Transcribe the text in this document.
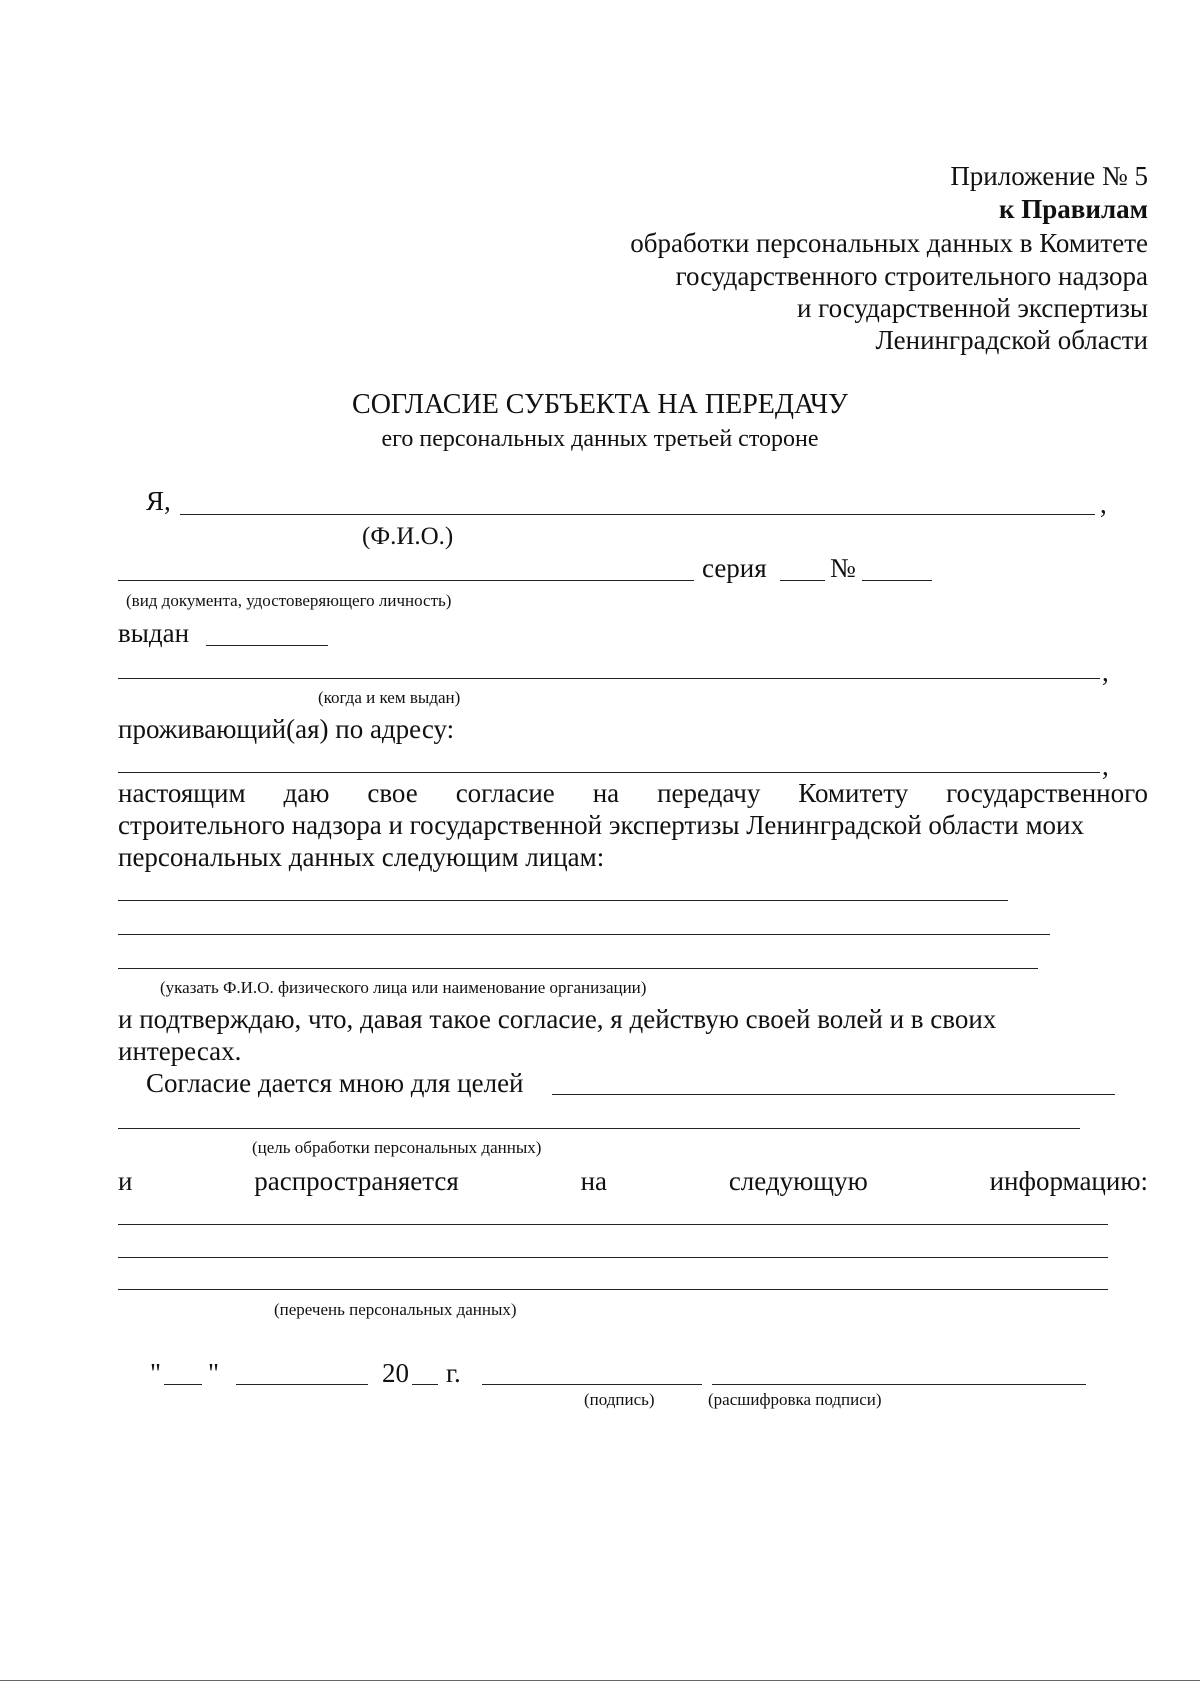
Приложение № 5
к Правилам
обработки персональных данных в Комитете
государственного строительного надзора
и государственной экспертизы
Ленинградской области
СОГЛАСИЕ СУБЪЕКТА НА ПЕРЕДАЧУ
его персональных данных третьей стороне
Я,	,
(Ф.И.О.)
серия №
(вид документа, удостоверяющего личность)
выдан
,
(когда и кем выдан)
проживающий(ая) по адресу:
,
настоящим даю свое согласие на передачу Комитету государственного
строительного надзора и государственной экспертизы Ленинградской области моих
персональных данных следующим лицам:
(указать Ф.И.О. физического лица или наименование организации)
и подтверждаю, что, давая такое согласие, я действую своей волей и в своих
интересах.
Согласие дается мною для целей
(цель обработки персональных данных)
и	распространяется	на	следующую	информацию:
(перечень персональных данных)
" "	20 г.
(подпись)	(расшифровка подписи)
